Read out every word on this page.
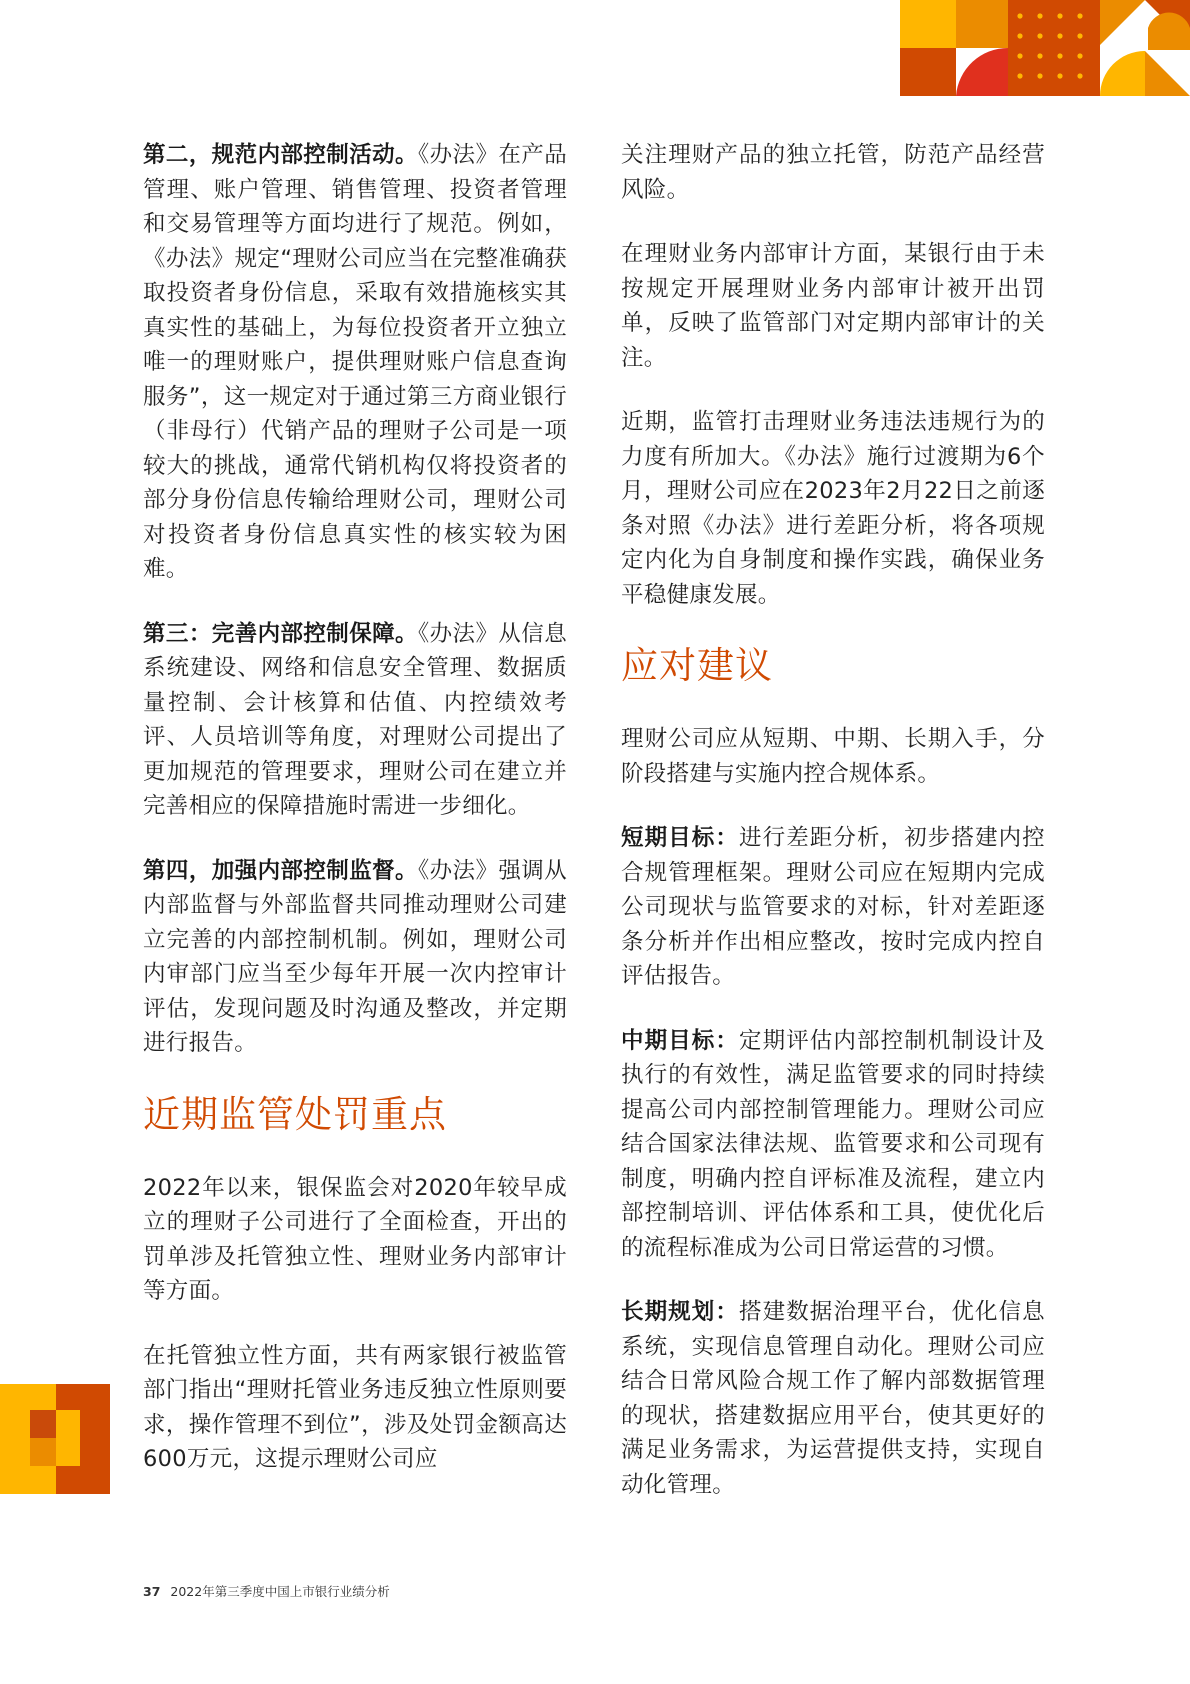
第二，规范内部控制活动。《办法》在产品管理、账户管理、销售管理、投资者管理和交易管理等方面均进行了规范。例如，《办法》规定“理财公司应当在完整准确获取投资者身份信息，采取有效措施核实其真实性的基础上，为每位投资者开立独立唯一的理财账户，提供理财账户信息查询服务”，这一规定对于通过第三方商业银行（非母行）代销产品的理财子公司是一项较大的挑战，通常代销机构仅将投资者的部分身份信息传输给理财公司，理财公司对投资者身份信息真实性的核实较为困难。

第三：完善内部控制保障。《办法》从信息系统建设、网络和信息安全管理、数据质量控制、会计核算和估值、内控绩效考评、人员培训等角度，对理财公司提出了更加规范的管理要求，理财公司在建立并完善相应的保障措施时需进一步细化。

第四，加强内部控制监督。《办法》强调从内部监督与外部监督共同推动理财公司建立完善的内部控制机制。例如，理财公司内审部门应当至少每年开展一次内控审计评估，发现问题及时沟通及整改，并定期进行报告。

近期监管处罚重点

2022年以来，银保监会对2020年较早成立的理财子公司进行了全面检查，开出的罚单涉及托管独立性、理财业务内部审计等方面。

在托管独立性方面，共有两家银行被监管部门指出“理财托管业务违反独立性原则要求，操作管理不到位”，涉及处罚金额高达600万元，这提示理财公司应

关注理财产品的独立托管，防范产品经营风险。

在理财业务内部审计方面，某银行由于未按规定开展理财业务内部审计被开出罚单，反映了监管部门对定期内部审计的关注。

近期，监管打击理财业务违法违规行为的力度有所加大。《办法》施行过渡期为6个月，理财公司应在2023年2月22日之前逐条对照《办法》进行差距分析，将各项规定内化为自身制度和操作实践，确保业务平稳健康发展。

应对建议

理财公司应从短期、中期、长期入手，分阶段搭建与实施内控合规体系。

短期目标：进行差距分析，初步搭建内控合规管理框架。理财公司应在短期内完成公司现状与监管要求的对标，针对差距逐条分析并作出相应整改，按时完成内控自评估报告。

中期目标：定期评估内部控制机制设计及执行的有效性，满足监管要求的同时持续提高公司内部控制管理能力。理财公司应结合国家法律法规、监管要求和公司现有制度，明确内控自评标准及流程，建立内部控制培训、评估体系和工具，使优化后的流程标准成为公司日常运营的习惯。

长期规划：搭建数据治理平台，优化信息系统，实现信息管理自动化。理财公司应结合日常风险合规工作了解内部数据管理的现状，搭建数据应用平台，使其更好的满足业务需求，为运营提供支持，实现自动化管理。

37 2022年第三季度中国上市银行业绩分析
